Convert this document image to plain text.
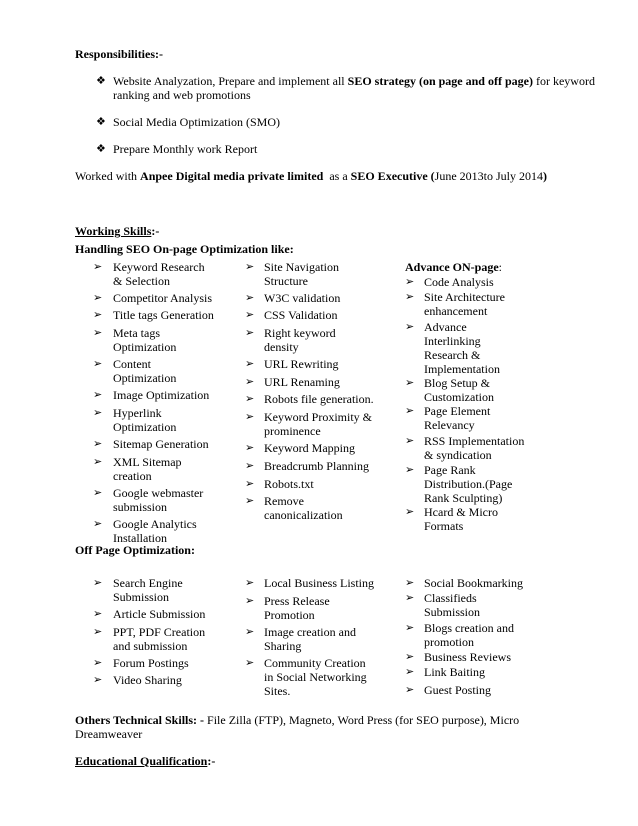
Responsibilities:-
❖ Website Analyzation, Prepare and implement all SEO strategy (on page and off page) for keyword
ranking and web promotions
❖ Social Media Optimization (SMO)
❖ Prepare Monthly work Report
Worked with Anpee Digital media private limited  as a SEO Executive (June 2013to July 2014)
Working Skills:-
Handling SEO On-page Optimization like:
➢ Keyword Research
& Selection
➢ Competitor Analysis
➢ Title tags Generation
➢ Meta tags
Optimization
➢ Content
Optimization
➢ Image Optimization
➢ Hyperlink
Optimization
➢ Sitemap Generation
➢ XML Sitemap
creation
➢ Google webmaster
submission
➢ Google Analytics
Installation
➢ Site Navigation
Structure
➢ W3C validation
➢ CSS Validation
➢ Right keyword
density
➢ URL Rewriting
➢ URL Renaming
➢ Robots file generation.
➢ Keyword Proximity &
prominence
➢ Keyword Mapping
➢ Breadcrumb Planning
➢ Robots.txt
➢ Remove
canonicalization
Advance ON-page:
➢ Code Analysis
➢ Site Architecture
enhancement
➢ Advance
Interlinking
Research &
Implementation
➢ Blog Setup &
Customization
➢ Page Element
Relevancy
➢ RSS Implementation
& syndication
➢ Page Rank
Distribution.(Page
Rank Sculpting)
➢ Hcard & Micro
Formats
Off Page Optimization:
➢ Search Engine
Submission
➢ Article Submission
➢ PPT, PDF Creation
and submission
➢ Forum Postings
➢ Video Sharing
➢ Local Business Listing
➢ Press Release
Promotion
➢ Image creation and
Sharing
➢ Community Creation
in Social Networking
Sites.
➢ Social Bookmarking
➢ Classifieds
Submission
➢ Blogs creation and
promotion
➢ Business Reviews
➢ Link Baiting
➢ Guest Posting
Others Technical Skills: - File Zilla (FTP), Magneto, Word Press (for SEO purpose), Micro
Dreamweaver
Educational Qualification:-
